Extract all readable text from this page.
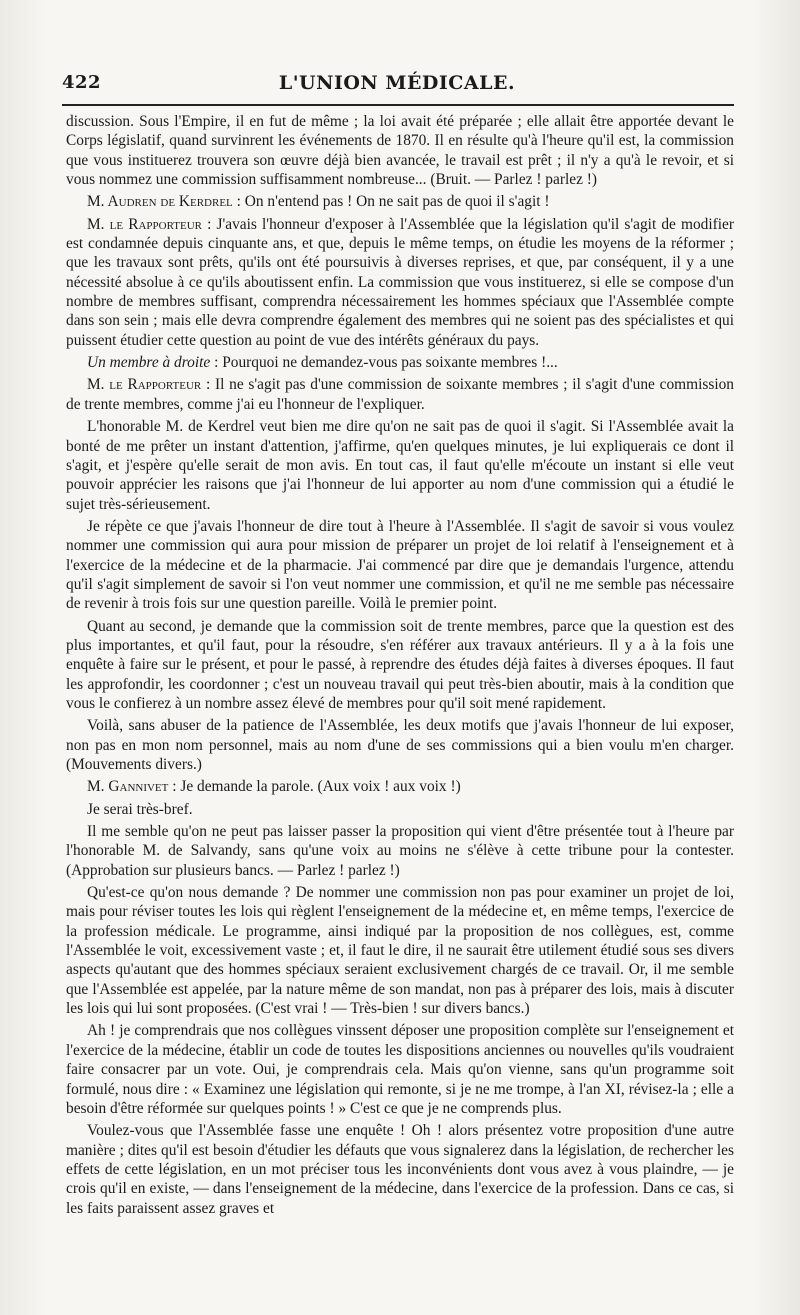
422	L'UNION MÉDICALE.

discussion. Sous l'Empire, il en fut de même ; la loi avait été préparée ; elle allait être apportée devant le Corps législatif, quand survinrent les événements de 1870. Il en résulte qu'à l'heure qu'il est, la commission que vous instituerez trouvera son œuvre déjà bien avancée, le travail est prêt ; il n'y a qu'à le revoir, et si vous nommez une commission suffisamment nombreuse... (Bruit. — Parlez ! parlez !)

M. Audren de Kerdrel : On n'entend pas ! On ne sait pas de quoi il s'agit !

M. le Rapporteur : J'avais l'honneur d'exposer à l'Assemblée que la législation qu'il s'agit de modifier est condamnée depuis cinquante ans, et que, depuis le même temps, on étudie les moyens de la réformer ; que les travaux sont prêts, qu'ils ont été poursuivis à diverses reprises, et que, par conséquent, il y a une nécessité absolue à ce qu'ils aboutissent enfin. La commission que vous instituerez, si elle se compose d'un nombre de membres suffisant, comprendra nécessairement les hommes spéciaux que l'Assemblée compte dans son sein ; mais elle devra comprendre également des membres qui ne soient pas des spécialistes et qui puissent étudier cette question au point de vue des intérêts généraux du pays.

Un membre à droite : Pourquoi ne demandez-vous pas soixante membres !...

M. le Rapporteur : Il ne s'agit pas d'une commission de soixante membres ; il s'agit d'une commission de trente membres, comme j'ai eu l'honneur de l'expliquer.

L'honorable M. de Kerdrel veut bien me dire qu'on ne sait pas de quoi il s'agit. Si l'Assemblée avait la bonté de me prêter un instant d'attention, j'affirme, qu'en quelques minutes, je lui expliquerais ce dont il s'agit, et j'espère qu'elle serait de mon avis. En tout cas, il faut qu'elle m'écoute un instant si elle veut pouvoir apprécier les raisons que j'ai l'honneur de lui apporter au nom d'une commission qui a étudié le sujet très-sérieusement.

Je répète ce que j'avais l'honneur de dire tout à l'heure à l'Assemblée. Il s'agit de savoir si vous voulez nommer une commission qui aura pour mission de préparer un projet de loi relatif à l'enseignement et à l'exercice de la médecine et de la pharmacie. J'ai commencé par dire que je demandais l'urgence, attendu qu'il s'agit simplement de savoir si l'on veut nommer une commission, et qu'il ne me semble pas nécessaire de revenir à trois fois sur une question pareille. Voilà le premier point.

Quant au second, je demande que la commission soit de trente membres, parce que la question est des plus importantes, et qu'il faut, pour la résoudre, s'en référer aux travaux antérieurs. Il y a à la fois une enquête à faire sur le présent, et pour le passé, à reprendre des études déjà faites à diverses époques. Il faut les approfondir, les coordonner ; c'est un nouveau travail qui peut très-bien aboutir, mais à la condition que vous le confierez à un nombre assez élevé de membres pour qu'il soit mené rapidement.

Voilà, sans abuser de la patience de l'Assemblée, les deux motifs que j'avais l'honneur de lui exposer, non pas en mon nom personnel, mais au nom d'une de ses commissions qui a bien voulu m'en charger. (Mouvements divers.)

M. Gannivet : Je demande la parole. (Aux voix ! aux voix !)

Je serai très-bref.

Il me semble qu'on ne peut pas laisser passer la proposition qui vient d'être présentée tout à l'heure par l'honorable M. de Salvandy, sans qu'une voix au moins ne s'élève à cette tribune pour la contester. (Approbation sur plusieurs bancs. — Parlez ! parlez !)

Qu'est-ce qu'on nous demande ? De nommer une commission non pas pour examiner un projet de loi, mais pour réviser toutes les lois qui règlent l'enseignement de la médecine et, en même temps, l'exercice de la profession médicale. Le programme, ainsi indiqué par la proposition de nos collègues, est, comme l'Assemblée le voit, excessivement vaste ; et, il faut le dire, il ne saurait être utilement étudié sous ses divers aspects qu'autant que des hommes spéciaux seraient exclusivement chargés de ce travail. Or, il me semble que l'Assemblée est appelée, par la nature même de son mandat, non pas à préparer des lois, mais à discuter les lois qui lui sont proposées. (C'est vrai ! — Très-bien ! sur divers bancs.)

Ah ! je comprendrais que nos collègues vinssent déposer une proposition complète sur l'enseignement et l'exercice de la médecine, établir un code de toutes les dispositions anciennes ou nouvelles qu'ils voudraient faire consacrer par un vote. Oui, je comprendrais cela. Mais qu'on vienne, sans qu'un programme soit formulé, nous dire : « Examinez une législation qui remonte, si je ne me trompe, à l'an XI, révisez-la ; elle a besoin d'être réformée sur quelques points ! » C'est ce que je ne comprends plus.

Voulez-vous que l'Assemblée fasse une enquête ! Oh ! alors présentez votre proposition d'une autre manière ; dites qu'il est besoin d'étudier les défauts que vous signalerez dans la législation, de rechercher les effets de cette législation, en un mot préciser tous les inconvénients dont vous avez à vous plaindre, — je crois qu'il en existe, — dans l'enseignement de la médecine, dans l'exercice de la profession. Dans ce cas, si les faits paraissent assez graves et
